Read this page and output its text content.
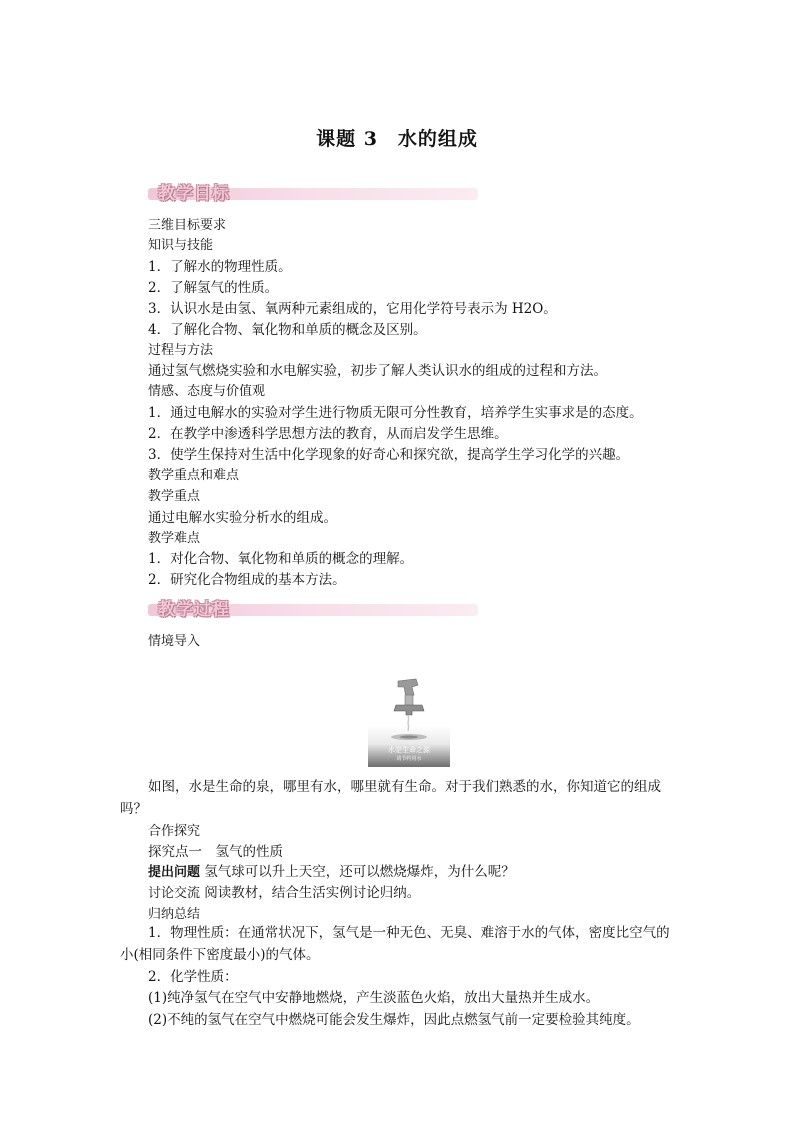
课题 3　水的组成
教学目标
三维目标要求
知识与技能
1．了解水的物理性质。
2．了解氢气的性质。
3．认识水是由氢、氧两种元素组成的，它用化学符号表示为 H2O。
4．了解化合物、氧化物和单质的概念及区别。
过程与方法
通过氢气燃烧实验和水电解实验，初步了解人类认识水的组成的过程和方法。
情感、态度与价值观
1．通过电解水的实验对学生进行物质无限可分性教育，培养学生实事求是的态度。
2．在教学中渗透科学思想方法的教育，从而启发学生思维。
3．使学生保持对生活中化学现象的好奇心和探究欲，提高学生学习化学的兴趣。
教学重点和难点
教学重点
通过电解水实验分析水的组成。
教学难点
1．对化合物、氧化物和单质的概念的理解。
2．研究化合物组成的基本方法。
教学过程
情境导入
水是生命之源
请节约用水
如图，水是生命的泉，哪里有水，哪里就有生命。对于我们熟悉的水，你知道它的组成吗？
合作探究
探究点一　氢气的性质
提出问题 氢气球可以升上天空，还可以燃烧爆炸，为什么呢？
讨论交流 阅读教材，结合生活实例讨论归纳。
归纳总结
1．物理性质：在通常状况下，氢气是一种无色、无臭、难溶于水的气体，密度比空气的小(相同条件下密度最小)的气体。
2．化学性质：
(1)纯净氢气在空气中安静地燃烧，产生淡蓝色火焰，放出大量热并生成水。
(2)不纯的氢气在空气中燃烧可能会发生爆炸，因此点燃氢气前一定要检验其纯度。
